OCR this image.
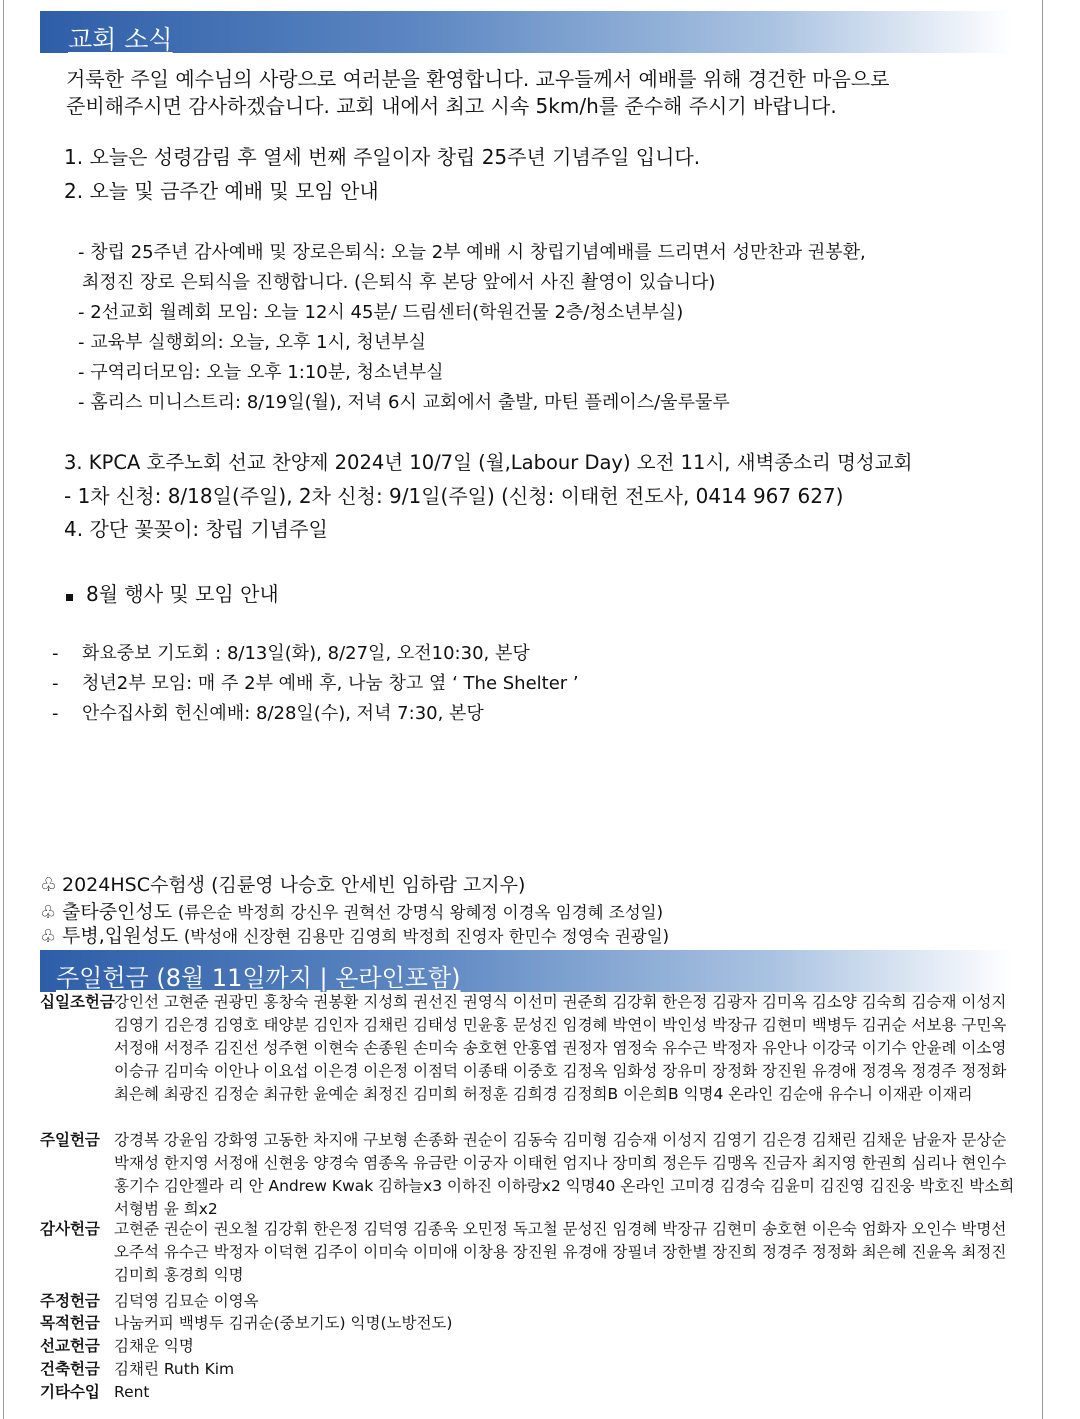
교회 소식
거룩한 주일 예수님의 사랑으로 여러분을 환영합니다. 교우들께서 예배를 위해 경건한 마음으로
준비해주시면 감사하겠습니다. 교회 내에서 최고 시속 5km/h를 준수해 주시기 바랍니다.
1. 오늘은 성령감림 후 열세 번째 주일이자 창립 25주년 기념주일 입니다.
2. 오늘 및 금주간 예배 및 모임 안내
- 창립 25주년 감사예배 및 장로은퇴식: 오늘 2부 예배 시 창립기념예배를 드리면서 성만찬과 권봉환,
최정진 장로 은퇴식을 진행합니다. (은퇴식 후 본당 앞에서 사진 촬영이 있습니다)
- 2선교회 월례회 모임: 오늘 12시 45분/ 드림센터(학원건물 2층/청소년부실)
- 교육부 실행회의: 오늘, 오후 1시, 청년부실
- 구역리더모임: 오늘 오후 1:10분, 청소년부실
- 홈리스 미니스트리: 8/19일(월), 저녁 6시 교회에서 출발, 마틴 플레이스/울루물루
3. KPCA 호주노회 선교 찬양제 2024년 10/7일 (월,Labour Day) 오전 11시, 새벽종소리 명성교회
- 1차 신청: 8/18일(주일), 2차 신청: 9/1일(주일) (신청: 이태헌 전도사, 0414 967 627)
4. 강단 꽃꽂이: 창립 기념주일
8월 행사 및 모임 안내
- 화요중보 기도회 : 8/13일(화), 8/27일, 오전10:30, 본당
- 청년2부 모임: 매 주 2부 예배 후, 나눔 창고 옆 ‘ The Shelter ’
- 안수집사회 헌신예배: 8/28일(수), 저녁 7:30, 본당
♧ 2024HSC수험생 (김륜영 나승호 안세빈 임하람 고지우)
♧ 출타중인성도 (류은순 박정희 강신우 권혁선 강명식 왕혜정 이경옥 임경혜 조성일)
♧ 투병,입원성도 (박성애 신장현 김용만 김영희 박정희 진영자 한민수 정영숙 권광일)
주일헌금 (8월 11일까지 | 온라인포함)
십일조헌금 강인선 고현준 권광민 홍창숙 권봉환 지성희 권선진 권영식 이선미 권준희 김강휘 한은정 김광자 김미옥 김소양 김숙희 김승재 이성지 김영기 김은경 김영호 태양분 김인자 김채린 김태성 민윤홍 문성진 임경혜 박연이 박인성 박장규 김현미 백병두 김귀순 서보용 구민옥 서정애 서정주 김진선 성주현 이현숙 손종원 손미숙 송호현 안홍엽 권정자 염정숙 유수근 박정자 유안나 이강국 이기수 안윤례 이소영 이승규 김미숙 이안나 이요섭 이은경 이은정 이점덕 이종태 이중호 김정옥 임화성 장유미 장정화 장진원 유경애 정경옥 정경주 정정화 최은혜 최광진 김정순 최규한 윤예순 최정진 김미희 허정훈 김희경 김정희B 이은희B 익명4 온라인 김순애 유수니 이재관 이재리
주일헌금 강경복 강윤임 강화영 고동한 차지애 구보형 손종화 권순이 김동숙 김미형 김승재 이성지 김영기 김은경 김채린 김채운 남윤자 문상순 박재성 한지영 서정애 신현웅 양경숙 염종옥 유금란 이궁자 이태헌 엄지나 장미희 정은두 김맹옥 진금자 최지영 한권희 심리나 현인수 홍기수 김안젤라 리 안 Andrew Kwak 김하늘x3 이하진 이하랑x2 익명40 온라인 고미경 김경숙 김윤미 김진영 김진웅 박호진 박소희 서형범 윤 희x2
감사헌금 고현준 권순이 권오철 김강휘 한은정 김덕영 김종욱 오민정 독고철 문성진 임경혜 박장규 김현미 송호현 이은숙 엄화자 오인수 박명선 오주석 유수근 박정자 이덕현 김주이 이미숙 이미애 이창용 장진원 유경애 장필녀 장한별 장진희 정경주 정정화 최은혜 진윤옥 최정진 김미희 홍경희 익명
주정헌금 김덕영 김묘순 이영옥
목적헌금 나눔커피 백병두 김귀순(중보기도) 익명(노방전도)
선교헌금 김채운 익명
건축헌금 김채린 Ruth Kim
기타수입 Rent
